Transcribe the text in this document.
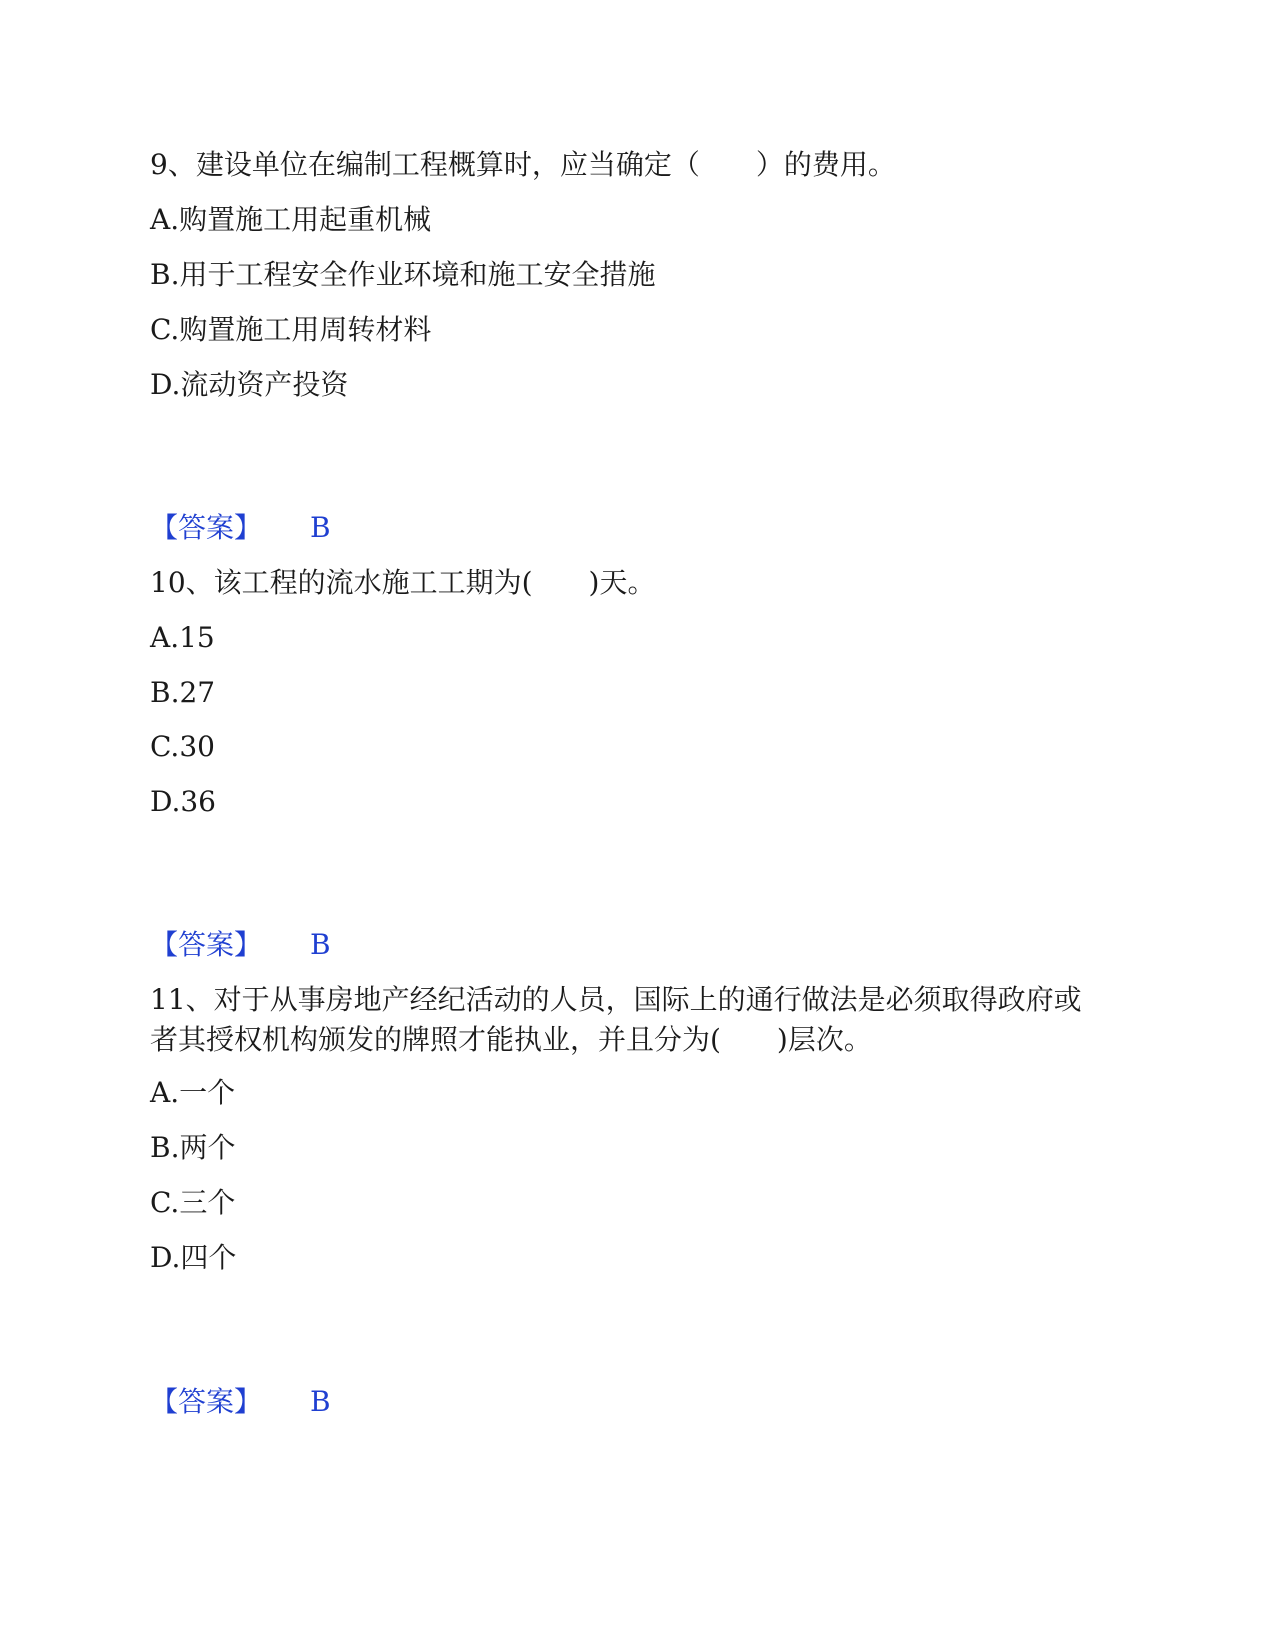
9、建设单位在编制工程概算时，应当确定（　　）的费用。
A.购置施工用起重机械
B.用于工程安全作业环境和施工安全措施
C.购置施工用周转材料
D.流动资产投资
【答案】 B
10、该工程的流水施工工期为(　　)天。
A.15
B.27
C.30
D.36
【答案】 B
11、对于从事房地产经纪活动的人员，国际上的通行做法是必须取得政府或
者其授权机构颁发的牌照才能执业，并且分为(　　)层次。
A.一个
B.两个
C.三个
D.四个
【答案】 B
